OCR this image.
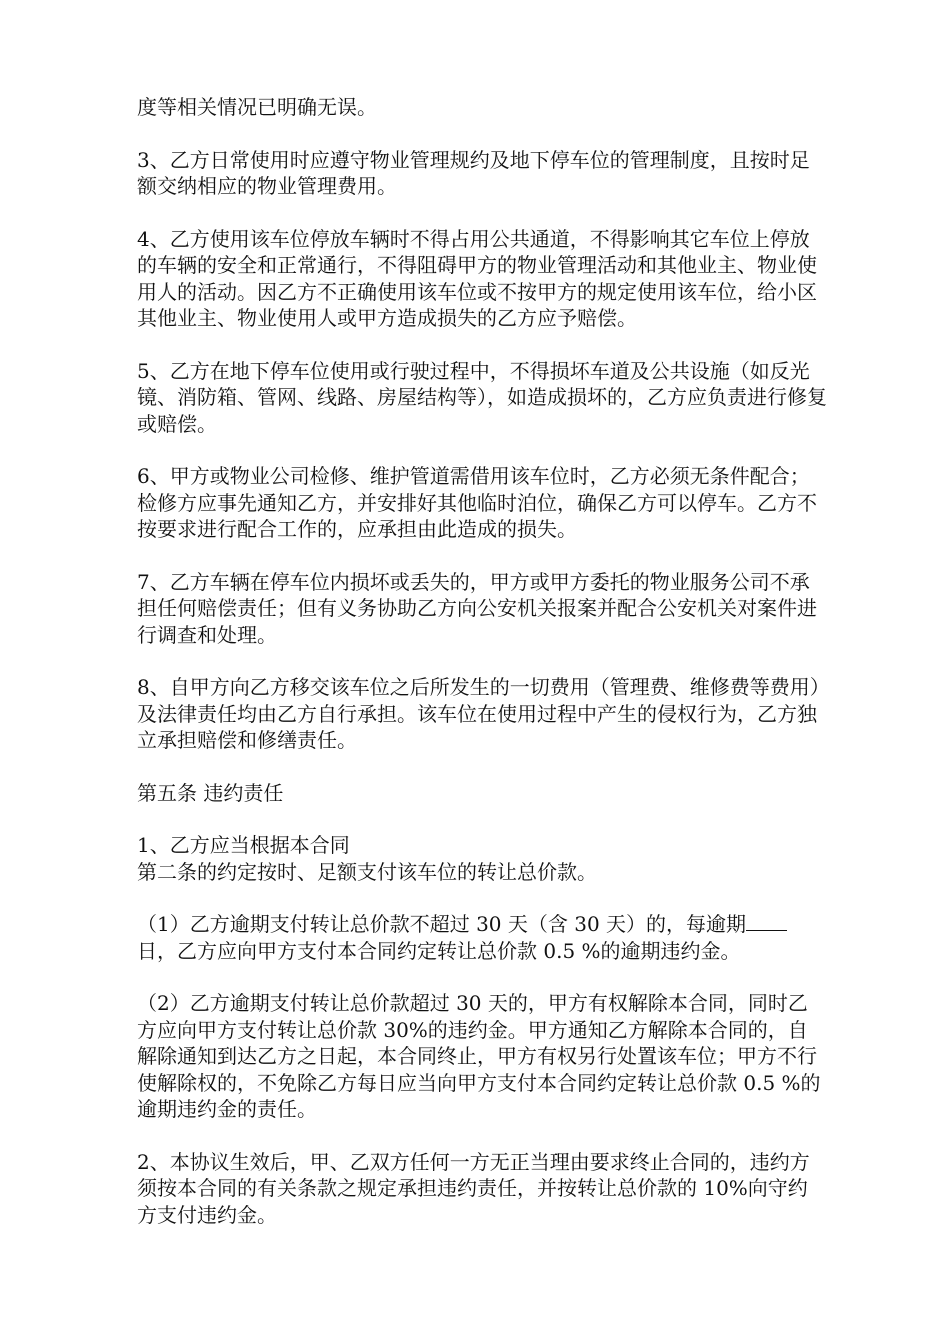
度等相关情况已明确无误。

3、乙方日常使用时应遵守物业管理规约及地下停车位的管理制度，且按时足额交纳相应的物业管理费用。

4、乙方使用该车位停放车辆时不得占用公共通道，不得影响其它车位上停放的车辆的安全和正常通行，不得阻碍甲方的物业管理活动和其他业主、物业使用人的活动。因乙方不正确使用该车位或不按甲方的规定使用该车位，给小区其他业主、物业使用人或甲方造成损失的乙方应予赔偿。

5、乙方在地下停车位使用或行驶过程中，不得损坏车道及公共设施（如反光镜、消防箱、管网、线路、房屋结构等），如造成损坏的，乙方应负责进行修复或赔偿。

6、甲方或物业公司检修、维护管道需借用该车位时，乙方必须无条件配合；检修方应事先通知乙方，并安排好其他临时泊位，确保乙方可以停车。乙方不按要求进行配合工作的，应承担由此造成的损失。

7、乙方车辆在停车位内损坏或丢失的，甲方或甲方委托的物业服务公司不承担任何赔偿责任；但有义务协助乙方向公安机关报案并配合公安机关对案件进行调查和处理。

8、自甲方向乙方移交该车位之后所发生的一切费用（管理费、维修费等费用）及法律责任均由乙方自行承担。该车位在使用过程中产生的侵权行为，乙方独立承担赔偿和修缮责任。

第五条 违约责任

1、乙方应当根据本合同
第二条的约定按时、足额支付该车位的转让总价款。

（1）乙方逾期支付转让总价款不超过 30 天（含 30 天）的，每逾期日，乙方应向甲方支付本合同约定转让总价款 0.5 %的逾期违约金。

（2）乙方逾期支付转让总价款超过 30 天的，甲方有权解除本合同，同时乙方应向甲方支付转让总价款 30%的违约金。甲方通知乙方解除本合同的，自解除通知到达乙方之日起，本合同终止，甲方有权另行处置该车位；甲方不行使解除权的，不免除乙方每日应当向甲方支付本合同约定转让总价款 0.5 %的逾期违约金的责任。

2、本协议生效后，甲、乙双方任何一方无正当理由要求终止合同的，违约方须按本合同的有关条款之规定承担违约责任，并按转让总价款的 10%向守约方支付违约金。
